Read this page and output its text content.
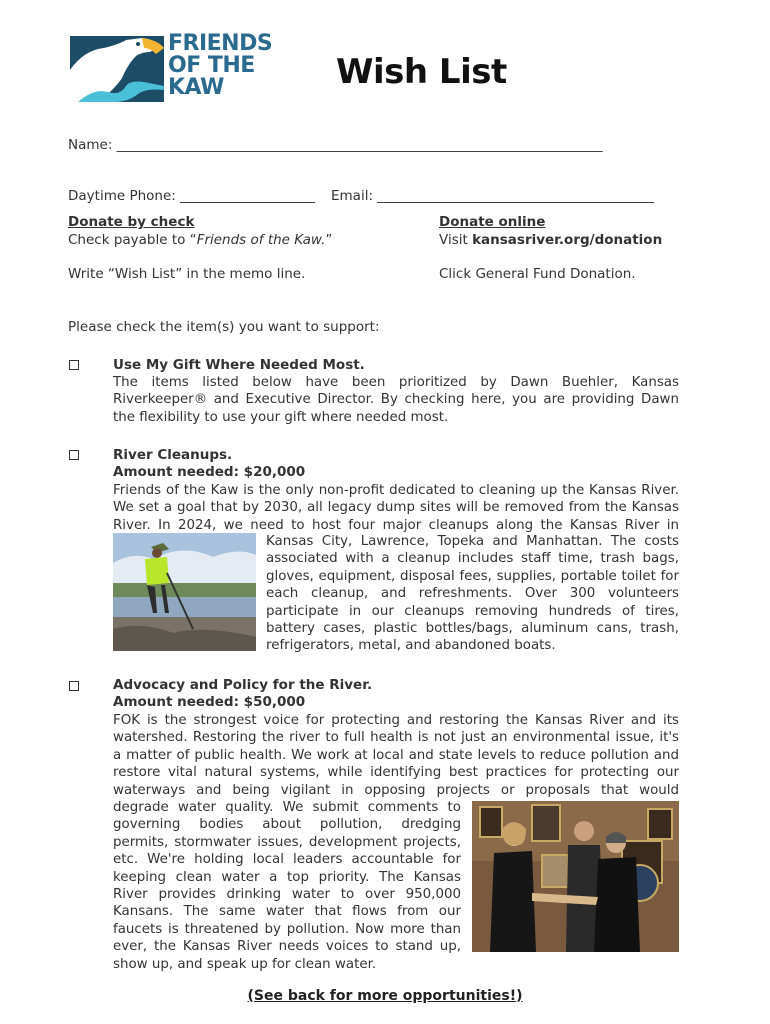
FRIENDS
OF THE
KAW	Wish List
Name: ________________________________________________________________________
Daytime Phone: ____________________ Email: _________________________________________
Donate by check
Check payable to “Friends of the Kaw.”
Write “Wish List” in the memo line.
Donate online
Visit kansasriver.org/donation
Click General Fund Donation.
Please check the item(s) you want to support:
Use My Gift Where Needed Most.
The items listed below have been prioritized by Dawn Buehler, Kansas Riverkeeper® and Executive Director. By checking here, you are providing Dawn the flexibility to use your gift where needed most.
River Cleanups.
Amount needed: $20,000
Friends of the Kaw is the only non-profit dedicated to cleaning up the Kansas River.
We set a goal that by 2030, all legacy dump sites will be removed from the Kansas
River. In 2024, we need to host four major cleanups along the Kansas River in
Kansas City, Lawrence, Topeka and Manhattan. The costs
associated with a cleanup includes staff time, trash bags,
gloves, equipment, disposal fees, supplies, portable toilet for
each cleanup, and refreshments. Over 300 volunteers
participate in our cleanups removing hundreds of tires,
battery cases, plastic bottles/bags, aluminum cans, trash,
refrigerators, metal, and abandoned boats.
Advocacy and Policy for the River.
Amount needed: $50,000
FOK is the strongest voice for protecting and restoring the Kansas River and its
watershed. Restoring the river to full health is not just an environmental issue, it's
a matter of public health. We work at local and state levels to reduce pollution and
restore vital natural systems, while identifying best practices for protecting our
waterways and being vigilant in opposing projects or proposals that would
degrade water quality. We submit comments to
governing bodies about pollution, dredging
permits, stormwater issues, development projects,
etc. We're holding local leaders accountable for
keeping clean water a top priority. The Kansas
River provides drinking water to over 950,000
Kansans. The same water that flows from our
faucets is threatened by pollution. Now more than
ever, the Kansas River needs voices to stand up,
show up, and speak up for clean water.
(See back for more opportunities!)
